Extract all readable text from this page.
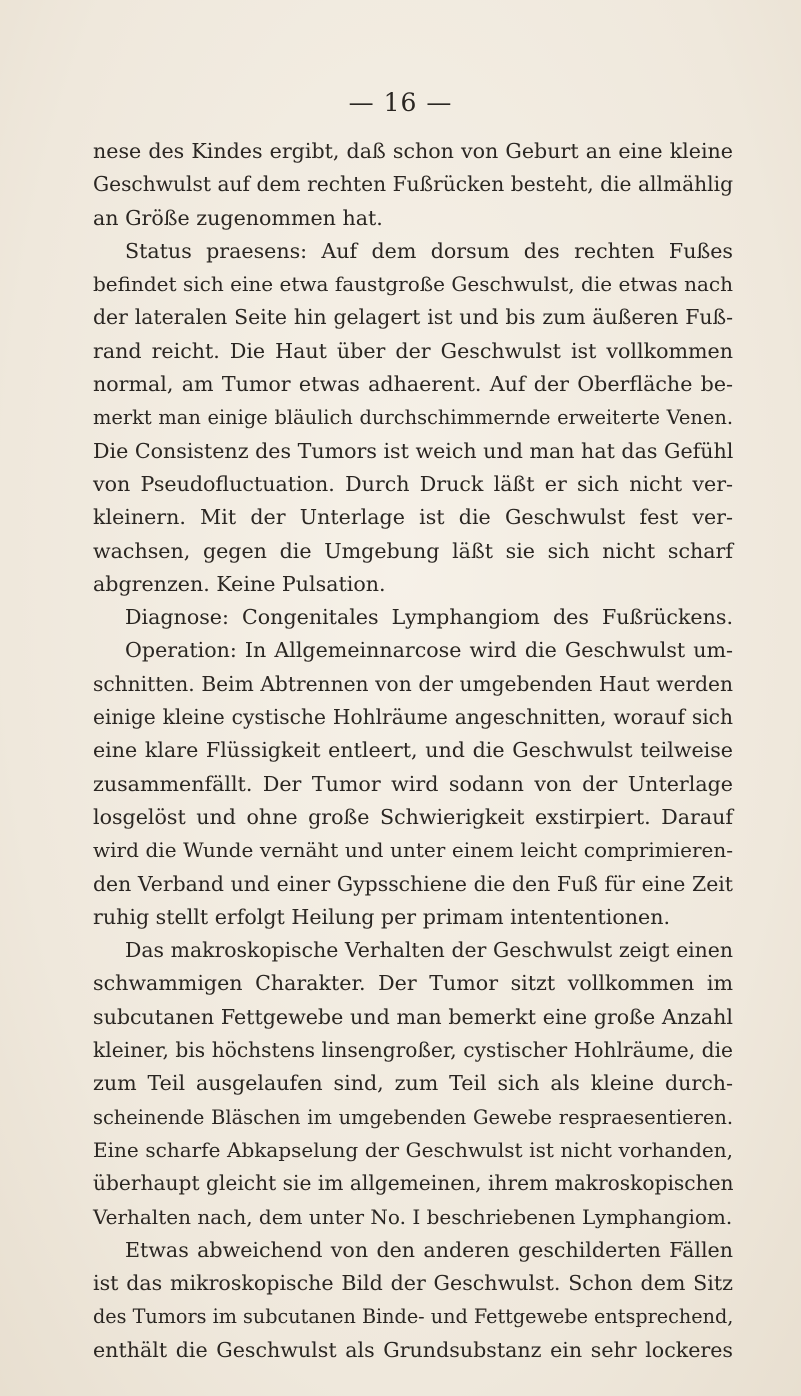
— 16 —
nese des Kindes ergibt, daß schon von Geburt an eine kleine
Geschwulst auf dem rechten Fußrücken besteht, die allmählig
an Größe zugenommen hat.
Status praesens: Auf dem dorsum des rechten Fußes
befindet sich eine etwa faustgroße Geschwulst, die etwas nach
der lateralen Seite hin gelagert ist und bis zum äußeren Fuß-
rand reicht. Die Haut über der Geschwulst ist vollkommen
normal, am Tumor etwas adhaerent. Auf der Oberfläche be-
merkt man einige bläulich durchschimmernde erweiterte Venen.
Die Consistenz des Tumors ist weich und man hat das Gefühl
von Pseudofluctuation. Durch Druck läßt er sich nicht ver-
kleinern. Mit der Unterlage ist die Geschwulst fest ver-
wachsen, gegen die Umgebung läßt sie sich nicht scharf
abgrenzen. Keine Pulsation.
Diagnose: Congenitales Lymphangiom des Fußrückens.
Operation: In Allgemeinnarcose wird die Geschwulst um-
schnitten. Beim Abtrennen von der umgebenden Haut werden
einige kleine cystische Hohlräume angeschnitten, worauf sich
eine klare Flüssigkeit entleert, und die Geschwulst teilweise
zusammenfällt. Der Tumor wird sodann von der Unterlage
losgelöst und ohne große Schwierigkeit exstirpiert. Darauf
wird die Wunde vernäht und unter einem leicht comprimieren-
den Verband und einer Gypsschiene die den Fuß für eine Zeit
ruhig stellt erfolgt Heilung per primam intententionen.
Das makroskopische Verhalten der Geschwulst zeigt einen
schwammigen Charakter. Der Tumor sitzt vollkommen im
subcutanen Fettgewebe und man bemerkt eine große Anzahl
kleiner, bis höchstens linsengroßer, cystischer Hohlräume, die
zum Teil ausgelaufen sind, zum Teil sich als kleine durch-
scheinende Bläschen im umgebenden Gewebe respraesentieren.
Eine scharfe Abkapselung der Geschwulst ist nicht vorhanden,
überhaupt gleicht sie im allgemeinen, ihrem makroskopischen
Verhalten nach, dem unter No. I beschriebenen Lymphangiom.
Etwas abweichend von den anderen geschilderten Fällen
ist das mikroskopische Bild der Geschwulst. Schon dem Sitz
des Tumors im subcutanen Binde- und Fettgewebe entsprechend,
enthält die Geschwulst als Grundsubstanz ein sehr lockeres
